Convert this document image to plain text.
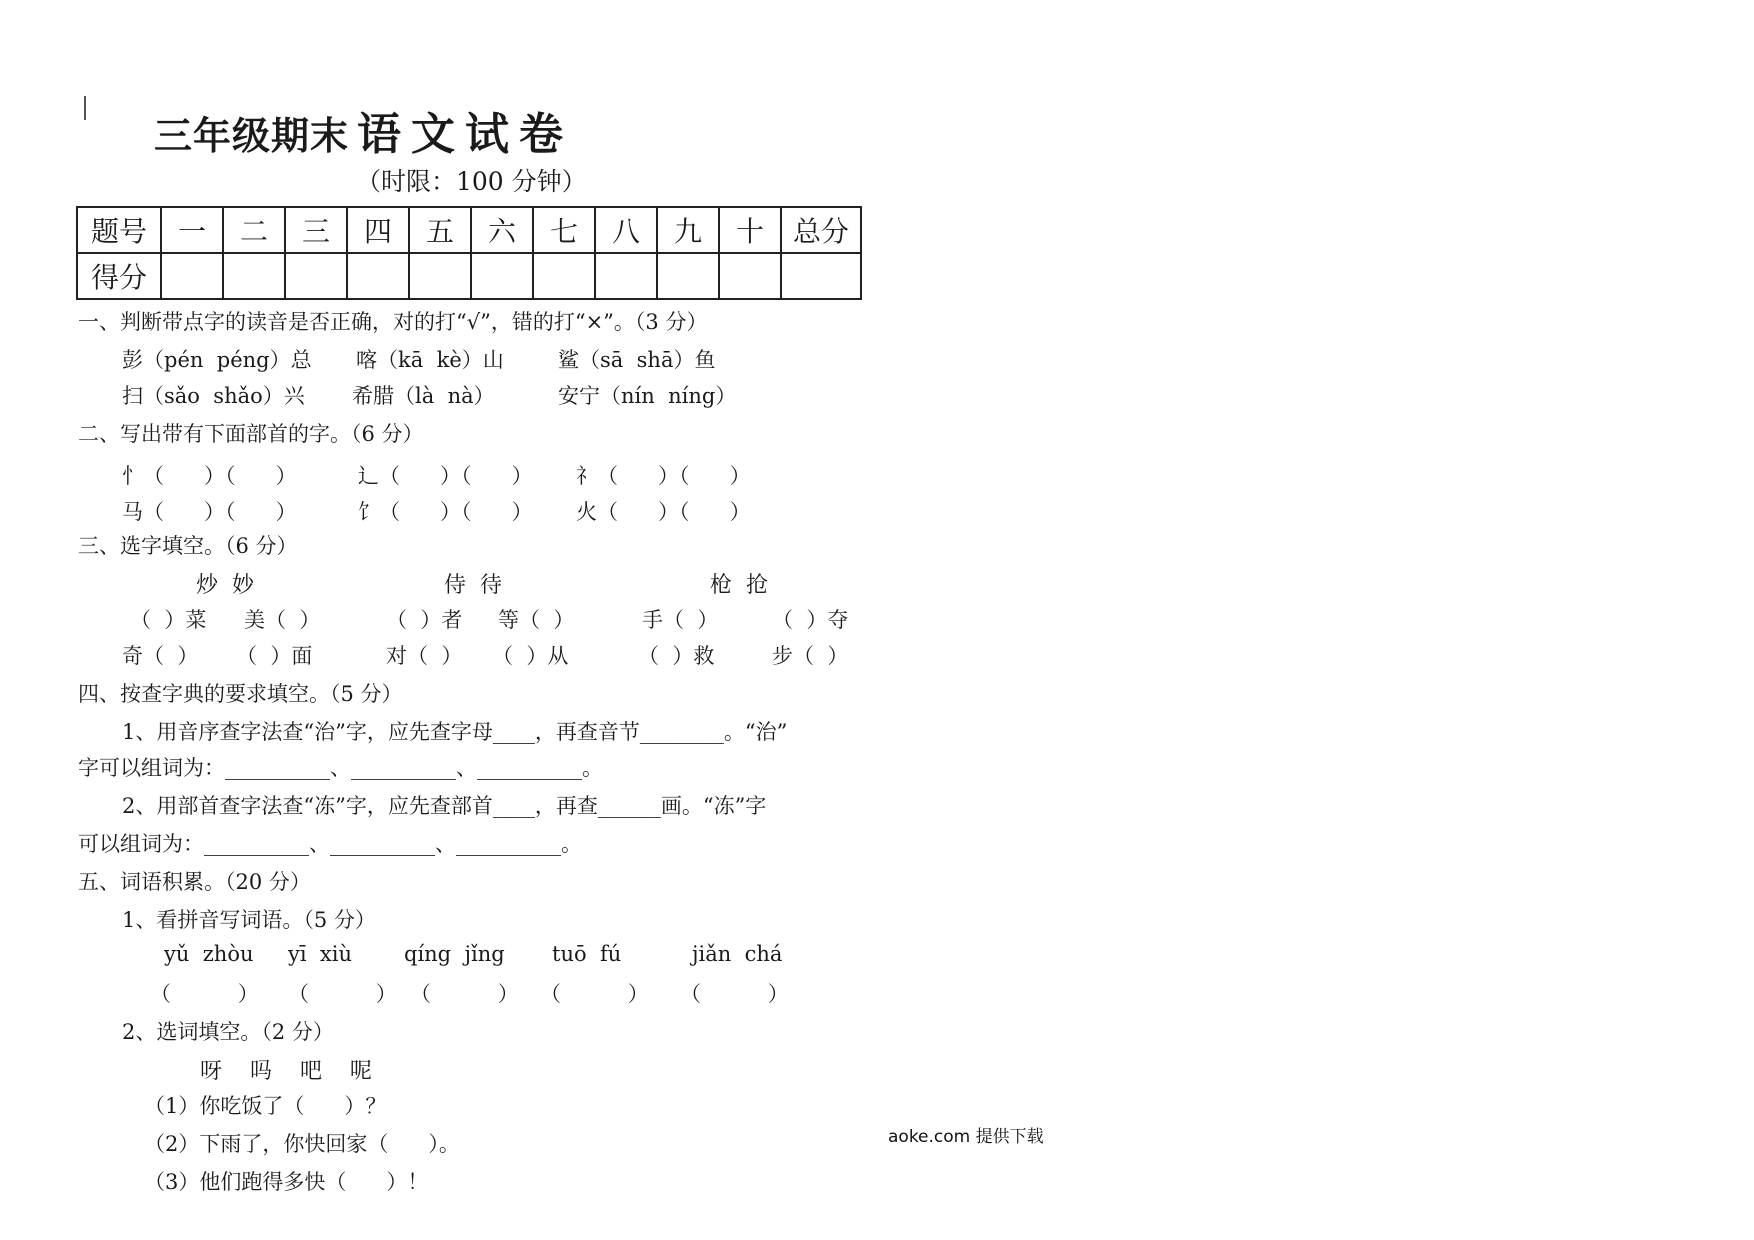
三年级期末 语文试卷
（时限：100 分钟）
题号	一	二	三	四	五	六	七	八	九	十	总分
得分											
一、判断带点字的读音是否正确，对的打“√”，错的打“×”。（3 分）
彭（pén  péng）总 喀（kā  kè）山	鲨（sā  shā）鱼
扫（sǎo  shǎo）兴 希腊（là  nà）	安宁（nín  níng）
二、写出带有下面部首的字。（6 分）
忄（      ）（      ）	辶（      ）（      ） 礻（      ）（      ）
马（      ）（      ）	饣（      ）（      ） 火（      ）（      ）
三、选字填空。（6 分）
炒  妙	侍  待	枪  抢
（  ）菜 美（  ）	（  ）者 等（  ）	手（  ）	（  ）夺
奇（  ） （  ）面	对（  ） （  ）从	（  ）救	步（  ）
四、按查字典的要求填空。（5 分）
1、用音序查字法查“治”字，应先查字母____，再查音节________。“治”
字可以组词为：__________、__________、__________。
2、用部首查字法查“冻”字，应先查部首____，再查______画。“冻”字
可以组词为：__________、__________、__________。
五、词语积累。（20 分）
1、看拼音写词语。（5 分）
yǔ  zhòu yī  xiù qíng  jǐng tuō  fú	jiǎn  chá
（          ） （          ） （          ） （          ） （          ）
2、选词填空。（2 分）
呀    吗    吧    呢
（1）你吃饭了（      ）？
（2）下雨了，你快回家（      ）。
（3）他们跑得多快（      ）！
aoke.com 提供下载
